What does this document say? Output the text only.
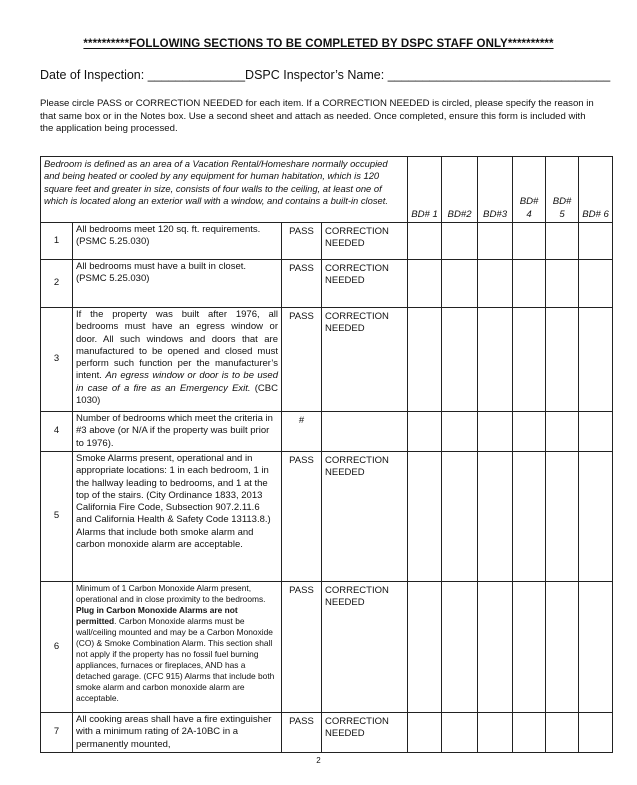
**********FOLLOWING SECTIONS TO BE COMPLETED BY DSPC STAFF ONLY**********
Date of Inspection: ______________DSPC Inspector’s Name: ________________________________
Please circle PASS or CORRECTION NEEDED for each item. If a CORRECTION NEEDED is circled, please specify the reason in that same box or in the Notes box. Use a second sheet and attach as needed. Once completed, ensure this form is included with the application being processed.
Bedroom is defined as an area of a Vacation Rental/Homeshare normally occupied and being heated or cooled by any equipment for human habitation, which is 120 square feet and greater in size, consists of four walls to the ceiling, at least one of which is located along an exterior wall with a window, and contains a built-in closet.				BD# 1	BD#2	BD#3	BD# 4	BD# 5	BD# 6
1	All bedrooms meet 120 sq. ft. requirements. (PSMC 5.25.030)	PASS	CORRECTION NEEDED						
2	All bedrooms must have a built in closet. (PSMC 5.25.030)	PASS	CORRECTION NEEDED						
3	If the property was built after 1976, all bedrooms must have an egress window or door. All such windows and doors that are manufactured to be opened and closed must perform such function per the manufacturer’s intent. An egress window or door is to be used in case of a fire as an Emergency Exit. (CBC 1030)	PASS	CORRECTION NEEDED						
4	Number of bedrooms which meet the criteria in #3 above (or N/A if the property was built prior to 1976).	#							
5	Smoke Alarms present, operational and in appropriate locations: 1 in each bedroom, 1 in the hallway leading to bedrooms, and 1 at the top of the stairs. (City Ordinance 1833, 2013 California Fire Code, Subsection 907.2.11.6 and California Health & Safety Code 13113.8.) Alarms that include both smoke alarm and carbon monoxide alarm are acceptable.	PASS	CORRECTION NEEDED						
6	Minimum of 1 Carbon Monoxide Alarm present, operational and in close proximity to the bedrooms. Plug in Carbon Monoxide Alarms are not permitted. Carbon Monoxide alarms must be wall/ceiling mounted and may be a Carbon Monoxide (CO) & Smoke Combination Alarm. This section shall not apply if the property has no fossil fuel burning appliances, furnaces or fireplaces, AND has a detached garage. (CFC 915) Alarms that include both smoke alarm and carbon monoxide alarm are acceptable.	PASS	CORRECTION NEEDED						
7	All cooking areas shall have a fire extinguisher with a minimum rating of 2A-10BC in a permanently mounted,	PASS	CORRECTION NEEDED						
2
